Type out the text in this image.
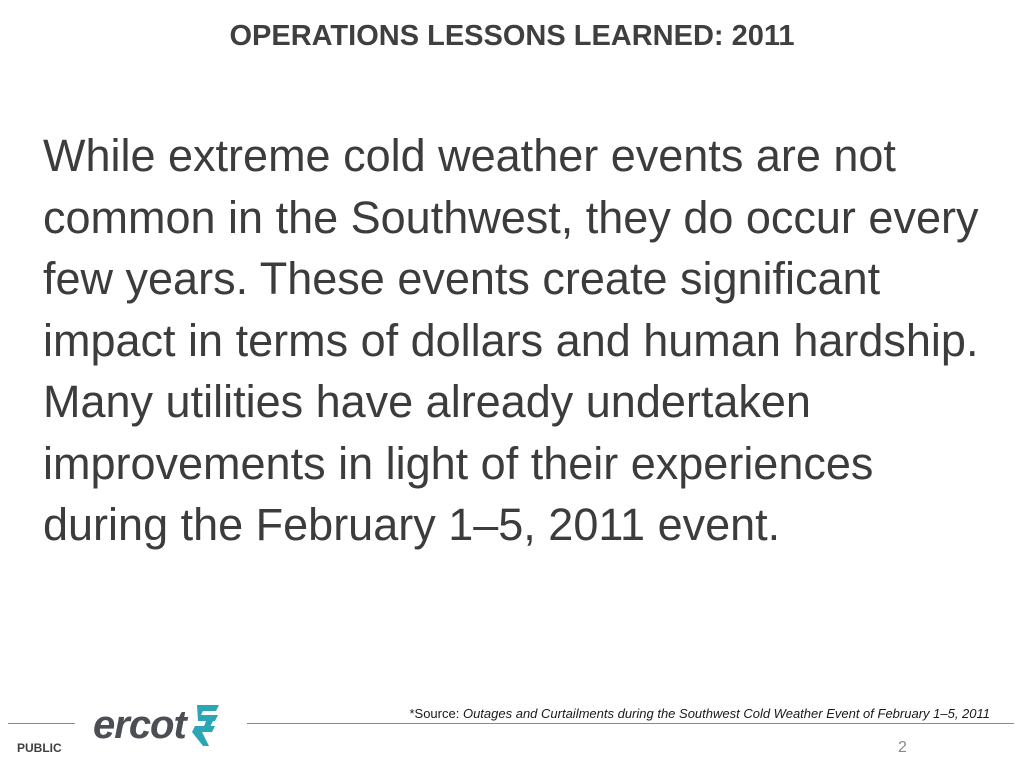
OPERATIONS LESSONS LEARNED: 2011

While extreme cold weather events are not common in the Southwest, they do occur every few years. These events create significant impact in terms of dollars and human hardship. Many utilities have already undertaken improvements in light of their experiences during the February 1–5, 2011 event.

ercot	*Source: Outages and Curtailments during the Southwest Cold Weather Event of February 1–5, 2011
PUBLIC	2
